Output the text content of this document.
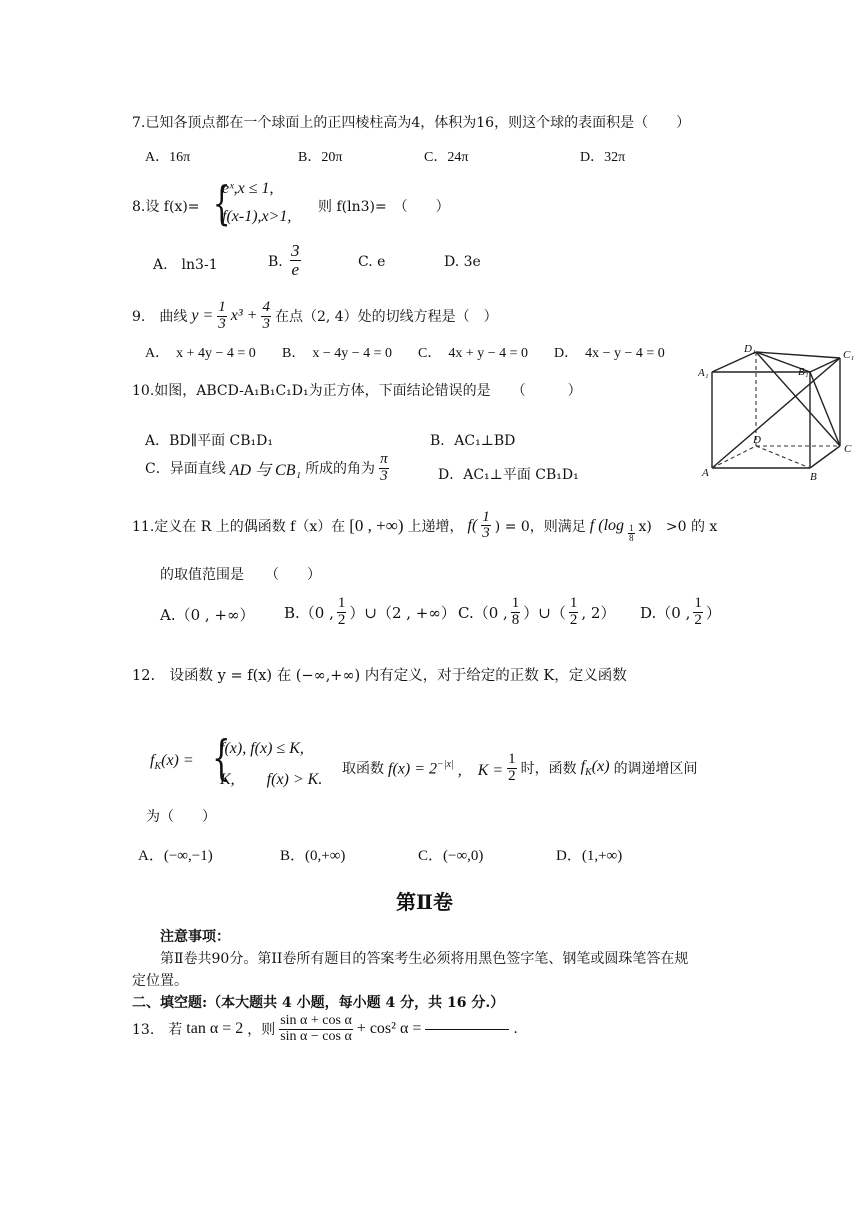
7.已知各顶点都在一个球面上的正四棱柱高为4，体积为16，则这个球的表面积是（　　）
A．16π	B．20π	C．24π	D．32π
8.设 f(x)= {
eˣ,x ≤ 1,
f(x-1),x>1,
则 f(ln3)=　（　　）
A.　ln3-1	B. $\frac{3}{e}$	C. e	D. 3e
9.　曲线 $y = \frac{1}{3} x^3 + \frac{4}{3}$ 在点（2, 4）处的切线方程是（　）
A．　x + 4y − 4 = 0 B．　x − 4y − 4 = 0 C．　4x + y − 4 = 0 D．　4x − y − 4 = 0
10.如图，ABCD-A₁B₁C₁D₁为正方体，下面结论错误的是　　（　　　）
A．BD∥平面 CB₁D₁	B．AC₁⊥BD
C．异面直线 AD 与 CB₁ 所成的角为 $\frac{\pi}{3}$	D．AC₁⊥平面 CB₁D₁
D₁	C₁
A₁	B₁
D
C
A	B
11.定义在 R 上的偶函数 f（x）在 [0 , +∞) 上递增， $f( \frac{1}{3}$ ) = 0，则满足 f $(\log \frac{1}{8} x)$　>0 的 x
的取值范围是　　（　　）
A.（0 , +∞） B.（0 , $\frac{1}{2}$ ）∪（2 , +∞） C.（0 , $\frac{1}{8}$ ）∪（ $\frac{1}{2}$ , 2） D.（0 , $\frac{1}{2}$ ）
12.　设函数 y = f(x) 在 (−∞,+∞) 内有定义，对于给定的正数 K，定义函数
$f_K(x)$ = {
f(x), f(x) ≤ K,
K,　　f(x) > K.
取函数 $f(x) = 2^{-|x|}$ ,　$K = \frac{1}{2}$ 时，函数 $f_K(x)$ 的调递增区间
为（　　）
A．(−∞,−1)	B．(0,+∞)	C．(−∞,0)	D．(1,+∞)
第Ⅱ卷
注意事项：
第Ⅱ卷共90分。第II卷所有题目的答案考生必须将用黑色签字笔、钢笔或圆珠笔答在规
定位置。
二、填空题:（本大题共 4 小题，每小题 4 分，共 16 分.）
13.　若 tan α = 2 ，则 $\frac{\text{sin α + cos α}}{\text{sin α − cos α}} + \cos^2$ α =	.
